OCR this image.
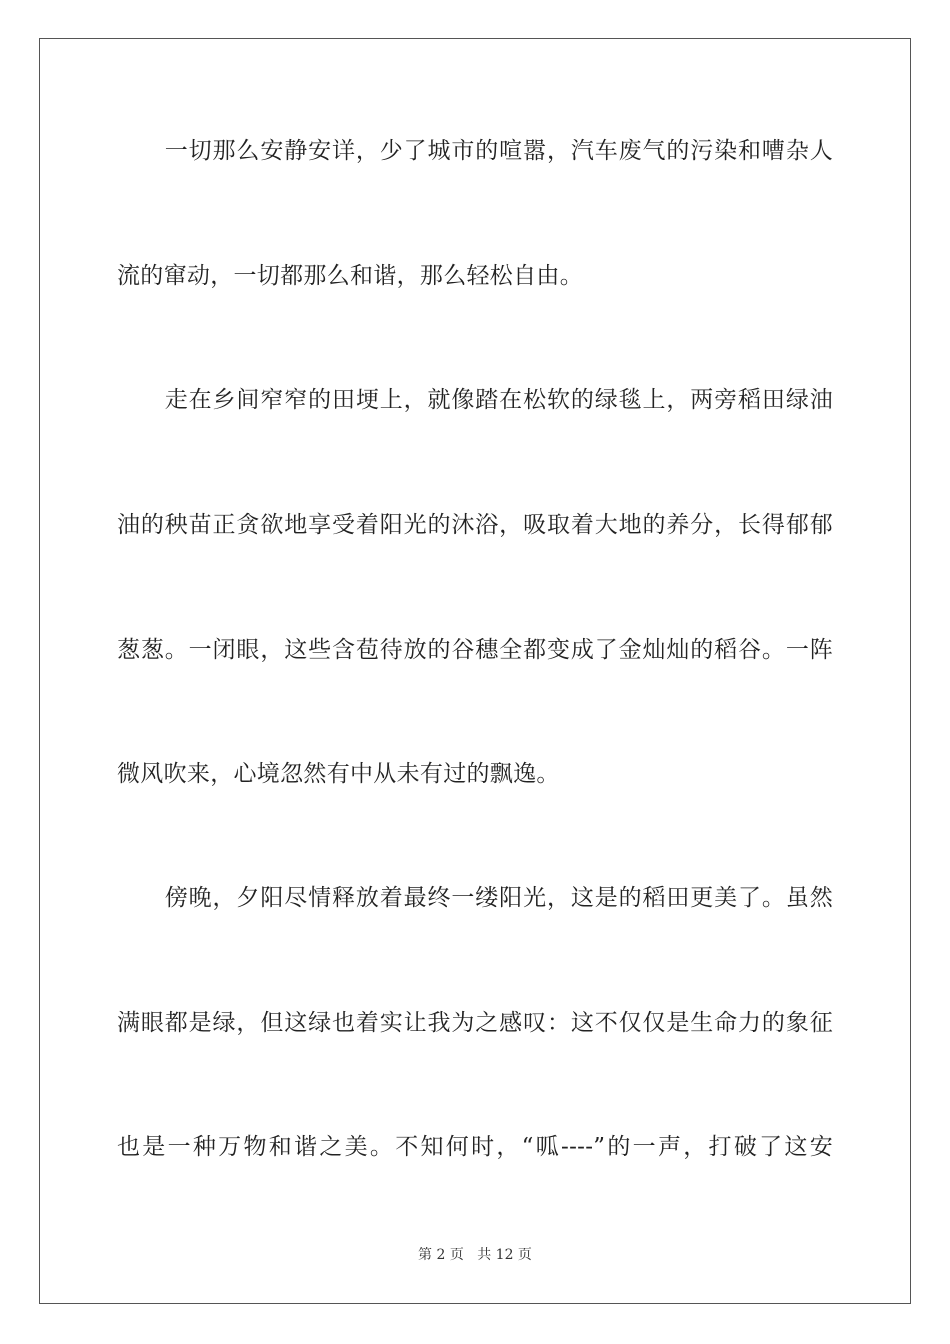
　　一切那么安静安详，少了城市的喧嚣，汽车废气的污染和嘈杂人
流的窜动，一切都那么和谐，那么轻松自由。
　　走在乡间窄窄的田埂上，就像踏在松软的绿毯上，两旁稻田绿油
油的秧苗正贪欲地享受着阳光的沐浴，吸取着大地的养分，长得郁郁
葱葱。一闭眼，这些含苞待放的谷穗全都变成了金灿灿的稻谷。一阵
微风吹来，心境忽然有中从未有过的飘逸。
　　傍晚，夕阳尽情释放着最终一缕阳光，这是的稻田更美了。虽然
满眼都是绿，但这绿也着实让我为之感叹：这不仅仅是生命力的象征
也是一种万物和谐之美。不知何时，“呱----”的一声，打破了这安
第 2 页 共 12 页
